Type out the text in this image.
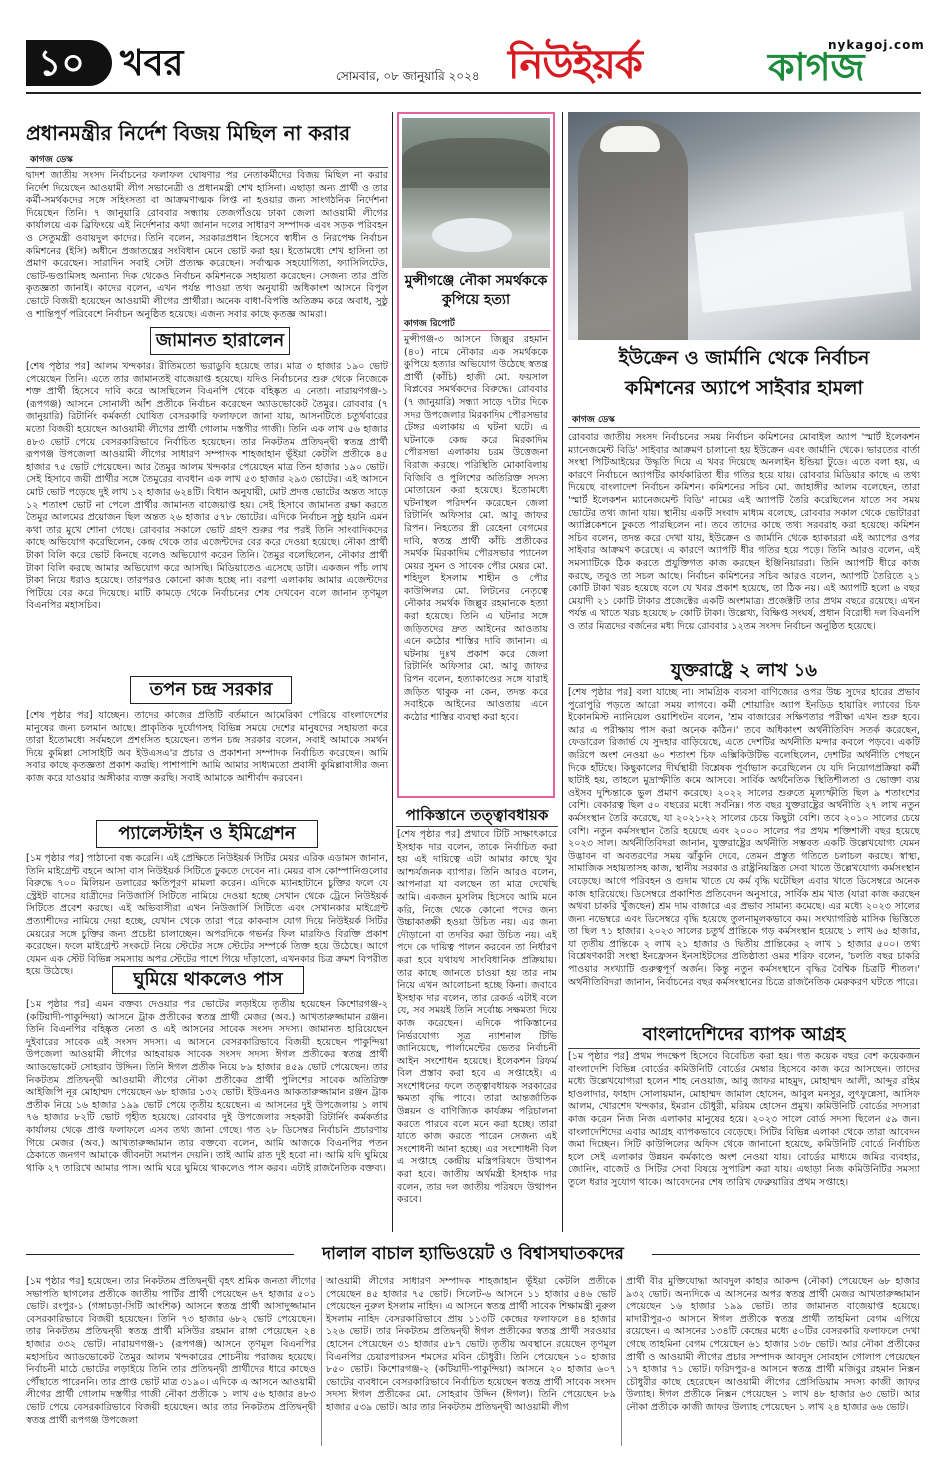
১০ খবর	সোমবার, ০৮ জানুয়ারি ২০২৪ নিউইয়র্ক	কাগজ
nykagoj.com
প্রধানমন্ত্রীর নির্দেশ বিজয় মিছিল না করার
কাগজ ডেস্ক
দ্বাদশ জাতীয় সংসদ নির্বাচনের ফলাফল ঘোষণার পর নেতাকর্মীদের বিজয় মিছিল না করার নির্দেশ দিয়েছেন আওয়ামী লীগ সভানেত্রী ও প্রধানমন্ত্রী শেখ হাসিনা। এছাড়া অন্য প্রার্থী ও তার কর্মী-সমর্থকদের সঙ্গে সহিংসতা বা আক্রমণাত্মক লিপ্ত না হওয়ার জন্য সাংগঠনিক নির্দেশনা দিয়েছেন তিনি। ৭ জানুয়ারি রোববার সন্ধ্যায় তেজগাঁওয়ে ঢাকা জেলা আওয়ামী লীগের কার্যালয়ে এক ব্রিফিংয়ে এই নির্দেশনার কথা জানান দলের সাধারণ সম্পাদক এবং সড়ক পরিবহন ও সেতুমন্ত্রী ওবায়দুল কাদের। তিনি বলেন, সরকারপ্রধান হিসেবে স্বাধীন ও নিরপেক্ষ নির্বাচন কমিশনের (ইসি) অধীনে প্রজাতন্ত্রের সংবিধান মেনে ভোট করা হয়। ইতোমধ্যে শেখ হাসিনা তা প্রমাণ করেছেন। সারাদিন সবাই সেটা প্রত্যক্ষ করেছেন। সর্বাত্মক সহযোগিতা, ফ্যাসিলিটেড, ভোট-ভণ্ডামিসহ অন্যান্য দিক থেকেও নির্বাচন কমিশনকে সহায়তা করেছেন। সেজন্য তার প্রতি কৃতজ্ঞতা জানাই। কাদের বলেন, এখন পর্যন্ত পাওয়া তথ্য অনুযায়ী অধিকাংশ আসনে বিপুল ভোটে বিজয়ী হয়েছেন আওয়ামী লীগের প্রার্থীরা। অনেক বাধা-বিপত্তি অতিক্রম করে অবাধ, সুষ্ঠু ও শান্তিপূর্ণ পরিবেশে নির্বাচন অনুষ্ঠিত হয়েছে। এজন্য সবার কাছে কৃতজ্ঞ আমরা।
জামানত হারালেন
[শেষ পৃষ্ঠার পর] আলম খন্দকার। রীতিমতো ভরাডুবি হয়েছে তার। মাত্র ৩ হাজার ১৯০ ভোট পেয়েছেন তিনি। এতে তার জামানতই বাজেয়াপ্ত হয়েছে। যদিও নির্বাচনের শুরু থেকে নিজেকে শক্ত প্রার্থী হিসেবে দাবি করে আসছিলেন বিএনপি থেকে বহিষ্কৃত এ নেতা। নারায়ণগঞ্জ-১ (রূপগঞ্জ) আসনে সোনালী আঁশ প্রতীকে নির্বাচন করেছেন অ্যাডভোকেট তৈমুর। রোববার (৭ জানুয়ারি) রিটার্নিং কর্মকর্তা ঘোষিত বেসরকারি ফলাফলে জানা যায়, আসনটিতে চতুর্থবারের মতো বিজয়ী হয়েছেন আওয়ামী লীগের প্রার্থী গোলাম দস্তগীর গাজী। তিনি এক লাখ ৫৬ হাজার ৪৮৩ ভোট পেয়ে বেসরকারিভাবে নির্বাচিত হয়েছেন। তার নিকটতম প্রতিদ্বন্দ্বী স্বতন্ত্র প্রার্থী রূপগঞ্জ উপজেলা আওয়ামী লীগের সাধারণ সম্পাদক শাহজাহান ভূঁইয়া কেটলি প্রতীকে ৪৫ হাজার ৭৫ ভোট পেয়েছেন। আর তৈমুর আলম খন্দকার পেয়েছেন মাত্র তিন হাজার ১৯০ ভোট। সেই হিসাবে জয়ী প্রার্থীর সঙ্গে তৈমুরের ব্যবধান এক লাখ ৫৩ হাজার ২৯৩ ভোটের। এই আসনে মোট ভোট পড়েছে দুই লাখ ১২ হাজার ৬২৪টি। বিধান অনুযায়ী, মোট প্রদত্ত ভোটের অন্তত সাড়ে ১২ শতাংশ ভোট না পেলে প্রার্থীর জামানত বাজেয়াপ্ত হয়। সেই হিসাবে জামানত রক্ষা করতে তৈমুর আলমের প্রয়োজন ছিল অন্তত ২৬ হাজার ৫৭৮ ভোটের। এদিকে নির্বাচন সুষ্ঠু হয়নি এমন কথা তার মুখে শোনা গেছে। রোববার সকালে ভোট গ্রহণ শুরুর পর পরই তিনি সাংবাদিকদের কাছে অভিযোগ করেছিলেন, কেন্দ্র থেকে তার এজেন্টদের বের করে দেওয়া হয়েছে। নৌকা প্রার্থী টাকা বিলি করে ভোট কিনছে বলেও অভিযোগ করেন তিনি। তৈমুর বলেছিলেন, নৌকার প্রার্থী টাকা বিলি করছে আমার অভিযোগ করে আসছি। মিডিয়াতেও এসেছে ডাটা। একজন পাঁচ লাখ টাকা নিয়ে ধরাও হয়েছে। তারপরও কোনো কাজ হচ্ছে না। বরপা এলাকায় আমার এজেন্টদের পিটিয়ে বের করে দিয়েছে। মাটি কামড়ে থেকে নির্বাচনের শেষ দেখবেন বলে জানান তৃণমূল বিএনপির মহাসচিব।
তপন চন্দ্র সরকার
[শেষ পৃষ্ঠার পর] যাচ্ছেন। তাদের কাজের প্রতিটি বর্তমানে আমেরিকা পেরিয়ে বাংলাদেশের মানুষের জন্য চলমান আছে। প্রাকৃতিক দুর্যোগসহ বিভিন্ন সময়ে দেশের মানুষদের সহায়তা করে তারা ইতোমধ্যে সর্বমহলে প্রশংসিত হয়েছেন। তপন চন্দ্র সরকার বলেন, সবাই আমাকে সমর্থন দিয়ে কুমিল্লা সোসাইটি অব ইউএসএ'র প্রচার ও প্রকাশনা সম্পাদক নির্বাচিত করেছেন। আমি সবার কাছে কৃতজ্ঞতা প্রকাশ করছি। পাশাপাশি আমি আমার সাধ্যমতো প্রবাসী কুমিল্লাবাসীর জন্য কাজ করে যাওয়ার অঙ্গীকার ব্যক্ত করছি। সবাই আমাকে আশীর্বাদ করবেন।
প্যালেস্টাইন ও ইমিগ্রেশন
[১ম পৃষ্ঠার পর] পাঠানো বন্ধ করেনি। এই প্রেক্ষিতে নিউইয়র্ক সিটির মেয়র এরিক এডামস জানান, তিনি মাইগ্রেন্ট বহনে আসা বাস নিউইয়র্ক সিটিতে ঢুকতে দেবেন না। মেয়র বাস কোম্পানিগুলোর বিরুদ্ধে ৭০০ মিলিয়ন ডলারের ক্ষতিপূরণ মামলা করেন। এদিকে ম্যানহাটানে চুক্তির ফলে যে স্ট্রেইট বাসের যাত্রীদের নিউজার্সি সিটিতে নামিয়ে দেওয়া হচ্ছে সেখান থেকে ট্রেনে নিউইয়র্ক সিটিতে প্রবেশ করছে। এই অভিবাসীরা এখন নিউজার্সি সিটিতে এবং সেখানকার মাইগ্রেন্ট প্রত্যাশীদের নামিয়ে দেয়া হচ্ছে, যেখান থেকে তারা পরে কাকবাস যোগ দিয়ে নিউইয়র্ক সিটির মেয়রের সঙ্গে চুক্তির জন্য প্রচেষ্টা চালাচ্ছেন। অপরদিকে গভর্নর ফিল মারফিও বিরক্তি প্রকাশ করেছেন। ফলে মাইগ্রেন্ট সংকটে নিয়ে স্টেটের সঙ্গে স্টেটের সম্পর্কে তিক্ত হয়ে উঠেছে। আগে যেমন এক স্টেট বিভিন্ন সমস্যায় অপর স্টেটের পাশে গিয়ে দাঁড়াতো, এখনকার চিত্র ক্রমশ বিপরীত হয়ে উঠেছে।	ঘুমিয়ে থাকলেও পাস
[১ম পৃষ্ঠার পর] এমন বক্তব্য দেওয়ার পর ভোটের লড়াইয়ে তৃতীয় হয়েছেন কিশোরগঞ্জ-২ (কটিয়াদী-পাকুন্দিয়া) আসনে ট্রাক প্রতীকের স্বতন্ত্র প্রার্থী মেজর (অব.) আখতারুজ্জামান রঞ্জন। তিনি বিএনপির বহিষ্কৃত নেতা ও এই আসনের সাবেক সংসদ সদস্য। জামানত হারিয়েছেন দুইবারের সাবেক এই সংসদ সদস্য। এ আসনে বেসরকারিভাবে বিজয়ী হয়েছেন পাকুন্দিয়া উপজেলা আওয়ামী লীগের আহবায়ক সাবেক সংসদ সদস্য ঈগল প্রতীকের স্বতন্ত্র প্রার্থী অ্যাডভোকেট সোহরাব উদ্দিন। তিনি ঈগল প্রতীক নিয়ে ৮৯ হাজার ৪৫৯ ভোট পেয়েছেন। তার নিকটতম প্রতিদ্বন্দ্বী আওয়ামী লীগের নৌকা প্রতীকের প্রার্থী পুলিশের সাবেক অতিরিক্ত আইজিপি নূর মোহাম্মদ পেয়েছেন ৬৮ হাজার ১৩২ ভোট। ইউএনও আকতারুজ্জামান রঞ্জন ট্রাক প্রতীক নিয়ে ১৬ হাজার ১৯৯ ভোট পেয়ে তৃতীয় হয়েছেন। এ আসনের দুই উপজেলায় ১ লাখ ৭৬ হাজার ৮২টি ভোট গৃহীত হয়েছে। রোববার দুই উপজেলার সহকারী রিটার্নিং কর্মকর্তার কার্যালয় থেকে প্রাপ্ত ফলাফলে এসব তথ্য জানা গেছে। গত ২৮ ডিসেম্বর নির্বাচনি প্রচারণায় গিয়ে মেজর (অব.) আখতারুজ্জামান তার বক্তব্যে বলেন, আমি আজকে বিএনপির পতন ঠেকাতে জনগণ আমাকে জীবনটা সমাপন দেয়নি। তাই আমি রাত দুই হবো না। আমি যদি ঘুমিয়ে থাকি ২৭ তারিখে আমার পাস। আমি ঘরে ঘুমিয়ে থাকলেও পাস করব। এটাই রাজনৈতিক বক্তব্য।
মুন্সীগঞ্জে নৌকা সমর্থককে কুপিয়ে হত্যা
কাগজ রিপোর্ট
মুন্সীগঞ্জ-৩ আসনে জিল্লুর রহমান (৪০) নামে নৌকার এক সমর্থককে কুপিয়ে হত্যার অভিযোগ উঠেছে স্বতন্ত্র প্রার্থী (কাঁচি) হাজী মো. ফয়সাল বিপ্লবের সমর্থকদের বিরুদ্ধে। রোববার (৭ জানুয়ারি) সন্ধ্যা সাড়ে ৭টার দিকে সদর উপজেলার মিরকাদিম পৌরসভার টেঙ্গর এলাকায় এ ঘটনা ঘটে। এ ঘটনাকে কেন্দ্র করে মিরকাদিম পৌরসভা এলাকায় চরম উত্তেজনা বিরাজ করছে। পরিস্থিতি মোকাবিলায় বিজিবি ও পুলিশের অতিরিক্ত সদস্য মোতায়েন করা হয়েছে। ইতোমধ্যে ঘটনাস্থল পরিদর্শন করেছেন জেলা রিটার্নিং অফিসার মো. আবু জাফর রিপন। নিহতের স্ত্রী রেহেনা বেগমের দাবি, স্বতন্ত্র প্রার্থী কাঁচি প্রতীকের সমর্থক মিরকাদিম পৌরসভার প্যানেল মেয়র সুমন ও সাবেক পৌর মেয়র মো. শহিদুল ইসলাম শাহীন ও পৌর কাউন্সিলর মো. লিটনের নেতৃত্বে নৌকার সমর্থক জিল্লুর রহমানকে হত্যা করা হয়েছে। তিনি এ ঘটনার সঙ্গে জড়িতদের দ্রুত আইনের আওতায় এনে কঠোর শাস্তির দাবি জানান। এ ঘটনায় দুঃখ প্রকাশ করে জেলা রিটার্নিং অফিসার মো. আবু জাফর রিপন বলেন, হত্যাকাণ্ডের সঙ্গে যারাই জড়িত থাকুক না কেন, তদন্ত করে সবাইকে আইনের আওতায় এনে কঠোর শাস্তির ব্যবস্থা করা হবে।
পাকিস্তানে তত্ত্বাবধায়ক
[শেষ পৃষ্ঠার পর] প্রথাবে টিটি সাক্ষাৎকারে ইসহাক দার বলেন, তাকে নির্বাচিত করা হয় এই দায়িত্বে এটা আমার কাছে খুব আশ্চর্যজনক ব্যাপার। তিনি আরও বলেন, আপনারা যা বলছেন তা মাত্র দেখেছি আমি। একজন মুসলিম হিসেবে আমি মনে করি, নিজে থেকে কোনো পদের জন্য উচ্চাকাঙ্ক্ষী হওয়া উচিত নয়। এর জন্য দৌড়ানো বা তদবির করা উচিত নয়। এই পদে কে দায়িত্ব পালন করবেন তা নির্ধারণ করা হবে যথাযথ সাংবিধানিক প্রক্রিয়ায়। তার কাছে জানতে চাওয়া হয় তার নাম নিয়ে এখন আলোচনা হচ্ছে কিনা। জবাবে ইসহাক দার বলেন, তার রেকর্ড এটাই বলে যে, সব সময়ই তিনি সর্বোচ্চ সক্ষমতা দিয়ে কাজ করেছেন। এদিকে পাকিস্তানের নির্ভরযোগ্য সূত্র ন্যাশনাল টিভি জানিয়েছে, পার্লামেন্টের ভেতর নির্বাচনী আইন সংশোধন হয়েছে। ইলেকশন রিফর্ম বিল প্রস্তাব করা হবে এ সপ্তাহেই। এ সংশোধনের ফলে তত্ত্বাবধায়ক সরকারের ক্ষমতা বৃদ্ধি পাবে। তারা আন্তর্জাতিক উন্নয়ন ও বাণিজ্যিক কার্যক্রম পরিচালনা করতে পারবে বলে মনে করা হচ্ছে। তারা যাতে কাজ করতে পারেন সেজন্য এই সংশোধনী আনা হচ্ছে। এর সংশোধনী বিল এ সপ্তাহে কেন্দ্রীয় মন্ত্রিপরিষদে উত্থাপন করা হবে। জাতীয় অর্থমন্ত্রী ইসহাক দার বলেন, তার দল জাতীয় পরিষদে উত্থাপন করবে।
ইউক্রেন ও জার্মানি থেকে নির্বাচন
কমিশনের অ্যাপে সাইবার হামলা
কাগজ ডেস্ক
রোববার জাতীয় সংসদ নির্বাচনের সময় নির্বাচন কমিশনের মোবাইল অ্যাপ 'স্মার্ট ইলেকশন ম্যানেজমেন্ট বিডি' সাইবার আক্রমণ চালানো হয় ইউক্রেন এবং জার্মানি থেকে। ভারতের বার্তা সংস্থা পিটিআইয়ের উদ্ধৃতি দিয়ে এ খবর দিয়েছে অনলাইন ইন্ডিয়া টুডে। এতে বলা হয়, এ কারণে নির্বাচনে অ্যাপটির কার্যকারিতা ধীর গতির হয়ে যায়। রোববার মিডিয়ার কাছে এ তথ্য দিয়েছে বাংলাদেশ নির্বাচন কমিশন। কমিশনের সচিব মো. জাহাঙ্গীর আলম বলেছেন, তারা 'স্মার্ট ইলেকশন ম্যানেজমেন্ট বিডি' নামের এই অ্যাপটি তৈরি করেছিলেন যাতে সব সময় ভোটের তথ্য জানা যায়। স্থানীয় একটি সংবাদ মাধ্যম বলেছে, রোববার সকাল থেকে ভোটাররা অ্যাপ্লিকেশনে ঢুকতে পারছিলেন না। তবে তাদের কাছে তথ্য সরবরাহ করা হয়েছে। কমিশন সচিব বলেন, তদন্ত করে দেখা যায়, ইউক্রেন ও জার্মানি থেকে হ্যাকাররা এই অ্যাপের ওপর সাইবার আক্রমণ করেছে। এ কারণে অ্যাপটি ধীর গতির হয়ে পড়ে। তিনি আরও বলেন, এই সমস্যাটিকে ঠিক করতে প্রযুক্তিগত কাজ করছেন ইঞ্জিনিয়াররা। তিনি অ্যাপটি ধীরে কাজ করছে, তবুও তা সচল আছে। নির্বাচন কমিশনের সচিব আরও বলেন, অ্যাপটি তৈরিতে ২১ কোটি টাকা খরচ হয়েছে বলে যে খবর প্রকাশ হয়েছে, তা ঠিক নয়। এই অ্যাপটি হলো ৬ বছর মেয়াদী ২১ কোটি টাকার প্রজেক্টের একটি অংশমাত্র। প্রজেক্টটি তার প্রথম বছরে রয়েছে। এখন পর্যন্ত এ খাতে খরচ হয়েছে ৮ কোটি টাকা। উল্লেখ্য, বিক্ষিপ্ত সংঘর্ষ, প্রধান বিরোধী দল বিএনপি ও তার মিত্রদের বর্জনের মধ্য দিয়ে রোববার ১২তম সংসদ নির্বাচন অনুষ্ঠিত হয়েছে।
যুক্তরাষ্ট্রে ২ লাখ ১৬
[শেষ পৃষ্ঠার পর] বলা যাচ্ছে না। সামগ্রিক ব্যবসা বাণিজ্যের ওপর উচ্চ সুদের হারের প্রভাব পুরোপুরি পড়তে আরো সময় লাগবে। কর্মী শোয়ারিং অ্যাপ ইনডিড হায়ারিং ল্যাবের চিফ ইকোনমিস্ট ন্যানিয়েল ওয়াশিংটন বলেন, 'শ্রম বাজারের সক্ষিণতার পরীক্ষা এখন শুরু হবে। আর এ পরীক্ষায় পাস করা অনেক কঠিন।' তবে অধিকাংশ অর্থনীতিবিদ সতর্ক করেছেন, ফেডারেল রিজার্ভ যে সুদহার বাড়িয়েছে, এতে দেশটির অর্থনীতি মন্দার কবলে পড়বে। একটি জরিপে অংশ নেওয়া ৬০ শতাংশ চিফ এক্সিকিউটিভ বলেছিলেন, দেশটির অর্থনীতি পেছনে দিকে হাঁটছে। কিছুকালের দীর্ঘস্থায়ী বিশ্লেষক পূর্বাভাস করেছিলেন যে যদি নিয়োগপ্রক্রিয়া কর্মী ছাটাই হয়, তাহলে মুদ্রাস্ফীতি কমে আসবে। সার্বিক অর্থনৈতিক স্থিতিশীলতা ও ভোক্তা ব্যয় ওইসব দুশ্চিন্তাকে ভুল প্রমাণ করেছে। ২০২২ সালের শুরুতে মূল্যস্ফীতি ছিল ৯ শতাংশের বেশি। বেকারত্ব ছিল ৫০ বছরের মধ্যে সর্বনিম্ন। গত বছর যুক্তরাষ্ট্রের অর্থনীতি ২৭ লাখ নতুন কর্মসংস্থান তৈরি করেছে, যা ২০২১-২২ সালের চেয়ে কিছুটা বেশি। তবে ২০১০ সালের চেয়ে বেশি। নতুন কর্মসংস্থান তৈরি হয়েছে এবং ২০০০ সালের পর প্রথম শক্তিশালী বছর হয়েছে ২০২৩ সাল। অর্থনীতিবিদরা জানান, যুক্তরাষ্ট্রের অর্থনীতি সম্ভবত একটি উল্লেখযোগ্য যেমন উদ্ভাবন বা অবতরণের সময় ঝাঁকুনি দেবে, তেমন প্রস্তুত গতিতে চলাচল করছে। স্বাস্থ্য, সামাজিক সহায়তাসহ কাজ, স্থানীয় সরকার ও রাষ্ট্রনিয়ন্ত্রিত সেবা খাতে উল্লেখযোগ্য কর্মসংস্থান বেড়েছে। আগে পরিবহন ও গুদাম খাতে যে কর্ম বৃদ্ধি ঘটেছিল এবার খাতে ডিসেম্বরে অনেক কাজ হারিয়েছে। ডিসেম্বরে প্রকাশিত প্রতিবেদন অনুসারে, সার্বিক শ্রম খাত (যারা কাজ করছেন অথবা চাকরি খুঁজছেন) শ্রম দাম বাজারে এর প্রভাব সামান্য কমেছে। এর মধ্যে ২০২৩ সালের জন্য নভেম্বরে এবং ডিসেম্বরে বৃদ্ধি হয়েছে তুলনামূলকভাবে কম। সংখ্যাগরিষ্ঠ মাসিক ভিত্তিতে তা ছিল ৭১ হাজার। ২০২৩ সালের চতুর্থ প্রান্তিকে গড় কর্মসংস্থান হয়েছে ১ লাখ ৬৫ হাজার, যা তৃতীয় প্রান্তিকে ২ লাখ ২১ হাজার ও দ্বিতীয় প্রান্তিকের ২ লাখ ১ হাজার ৫০০। তথ্য বিশ্লেষণকারী সংস্থা ইনফ্রেসন ইনসাইটসের প্রতিষ্ঠাতা ওমর শরিফ বলেন, 'চলতি বছর চাকরি পাওয়ার সংখ্যাটি গুরুত্বপূর্ণ অর্জন। কিন্তু নতুন কর্মসংস্থানে বৃদ্ধির বৈশ্বিক চিত্রটি শীতল।' অর্থনীতিবিদরা জানান, নির্বাচনের বছর কর্মসংস্থানের চিত্রে রাজনৈতিক মেরুকরণ ঘটতে পারে।
বাংলাদেশিদের ব্যাপক আগ্রহ
[১ম পৃষ্ঠার পর] প্রথম পদক্ষেপ হিসেবে বিবেচিত করা হয়। গত কয়েক বছর বেশ কয়েকজন বাংলাদেশি বিভিন্ন বোর্ডের কমিউনিটি বোর্ডের মেম্বার হিসেবে কাজ করে আসছেন। তাদের মধ্যে উল্লেখযোগ্যরা হলেন শাহ নেওয়াজ, আবু জাফর মাহমুদ, মোহাম্মদ আলী, আব্দুর রহিম হাওলাদার, ফাহাদ সোলায়মান, মোহাম্মদ জামাল হোসেন, আবুল মনসুর, লুৎফুন্নেসা, আসিফ আলম, খোরশেদ খন্দকার, ইমরান চৌধুরী, মরিয়ম হোসেন প্রমুখ। কমিউনিটি বোর্ডের সদস্যরা কাজ করেন নিজ নিজ এলাকার মানুষের হয়ে। ২০২৩ সালে বোর্ড সদস্য ছিলেন ৫৯ জন। বাংলাদেশিদের এবার আগ্রহ ব্যাপকভাবে বেড়েছে। সিটির বিভিন্ন এলাকা থেকে তারা আবেদন জমা দিচ্ছেন। সিটি কাউন্সিলের অফিস থেকে জানানো হয়েছে, কমিউনিটি বোর্ডে নির্বাচিত হলে সেই এলাকার উন্নয়ন কর্মকাণ্ডে অংশ নেওয়া যায়। বোর্ডের মাধ্যমে জমির ব্যবহার, জোনিং, বাজেট ও সিটির সেবা বিষয়ে সুপারিশ করা যায়। এছাড়া নিজ কমিউনিটির সমস্যা তুলে ধরার সুযোগ থাকে। আবেদনের শেষ তারিখ ফেব্রুয়ারির প্রথম সপ্তাহে।
দালাল বাচাল হ্যাভিওয়েট ও বিশ্বাসঘাতকদের
[১ম পৃষ্ঠার পর] হয়েছেন। তার নিকটতম প্রতিদ্বন্দ্বী বৃহৎ শ্রমিক জনতা লীগের সভাপতি ছাগলের প্রতীকে জাতীয় পার্টির প্রার্থী পেয়েছেন ৬৭ হাজার ৫০১ ভোট। রংপুর-১ (গঙ্গাচড়া-সিটি আংশিক) আসনে স্বতন্ত্র প্রার্থী আসাদুজ্জামান বেসরকারিভাবে বিজয়ী হয়েছেন। তিনি ৭৩ হাজার ৬৮২ ভোট পেয়েছেন। তার নিকটতম প্রতিদ্বন্দ্বী স্বতন্ত্র প্রার্থী মসিউর রহমান রাঙ্গা পেয়েছেন ২৪ হাজার ৩৩২ ভোট। নারায়ণগঞ্জ-১ (রূপগঞ্জ) আসনে তৃণমূল বিএনপির মহাসচিব অ্যাডভোকেট তৈমুর আলম খন্দকারের শোচনীয় পরাজয় হয়েছে। নির্বাচনী মাঠে ভোটের লড়াইয়ে তিনি তার প্রতিদ্বন্দ্বী প্রার্থীদের ধারে কাছেও পৌঁছাতে পারেননি। তার প্রাপ্ত ভোট মাত্র ৩১৯০। এদিকে এ আসনে আওয়ামী লীগের প্রার্থী গোলাম দস্তগীর গাজী নৌকা প্রতীকে ১ লাখ ৫৬ হাজার ৪৮৩ ভোট পেয়ে বেসরকারিভাবে বিজয়ী হয়েছেন। আর তার নিকটতম প্রতিদ্বন্দ্বী স্বতন্ত্র প্রার্থী রূপগঞ্জ উপজেলা
আওয়ামী লীগের সাধারণ সম্পাদক শাহজাহান ভূঁইয়া কেটলি প্রতীকে পেয়েছেন ৪৫ হাজার ৭৫ ভোট। সিলেট-৬ আসনে ১১ হাজার ৫৪৬ ভোট পেয়েছেন নুরুল ইসলাম নাহিদ। এ আসনে স্বতন্ত্র প্রার্থী সাবেক শিক্ষামন্ত্রী নুরুল ইসলাম নাহিদ বেসরকারিভাবে প্রায় ১১৩টি কেন্দ্রের ফলাফলে ৪৪ হাজার ১২৬ ভোট। তার নিকটতম প্রতিদ্বন্দ্বী ঈগল প্রতীকের স্বতন্ত্র প্রার্থী সরওয়ার হোসেন পেয়েছেন ৩১ হাজার ৫৮৭ ভোট। তৃতীয় অবস্থানে রয়েছেন তৃণমূল বিএনপির চেয়ারপারসন শমসের মবিন চৌধুরী। তিনি পেয়েছেন ১০ হাজার ৮৫০ ভোট। কিশোরগঞ্জ-২ (কটিয়াদী-পাকুন্দিয়া) আসনে ২০ হাজার ৬০৭ ভোটের ব্যবধানে বেসরকারিভাবে নির্বাচিত হয়েছেন স্বতন্ত্র প্রার্থী সাবেক সংসদ সদস্য ঈগল প্রতীকের মো. সোহরাব উদ্দিন (ঈগল)। তিনি পেয়েছেন ৮৯ হাজার ৫৩৯ ভোট। আর তার নিকটতম প্রতিদ্বন্দ্বী আওয়ামী লীগ
প্রার্থী বীর মুক্তিযোদ্ধা আবদুল কাহার আকন্দ (নৌকা) পেয়েছেন ৬৮ হাজার ৯৩২ ভোট। অন্যদিকে এ আসনের অপর স্বতন্ত্র প্রার্থী মেজর আখতারুজ্জামান পেয়েছেন ১৬ হাজার ১৯৯ ভোট। তার জামানত বাজেয়াপ্ত হয়েছে। মাদারীপুর-৩ আসনে ঈগল প্রতীকে স্বতন্ত্র প্রার্থী তাহমিনা বেগম এগিয়ে রয়েছেন। এ আসনের ১৩৪টি কেন্দ্রের মধ্যে ৫০টির বেসরকারি ফলাফলে দেখা গেছে তাহমিনা বেগম পেয়েছেন ৬১ হাজার ১৩৮ ভোট। আর নৌকা প্রতীকের প্রার্থী ও আওয়ামী লীগের প্রচার সম্পাদক আবদুস সোবহান গোলাপ পেয়েছেন ১৭ হাজার ৭১ ভোট। ফরিদপুর-৪ আসনে স্বতন্ত্র প্রার্থী মজিবুর রহমান নিক্সন চৌধুরীর কাছে হেরেছেন আওয়ামী লীগের প্রেসিডিয়াম সদস্য কাজী জাফর উল্যাহ। ঈগল প্রতীকে নিক্সন পেয়েছেন ১ লাখ ৪৮ হাজার ৬৩ ভোট। আর নৌকা প্রতীকে কাজী জাফর উল্যাহ পেয়েছেন ১ লাখ ২৪ হাজার ৬৬ ভোট।
